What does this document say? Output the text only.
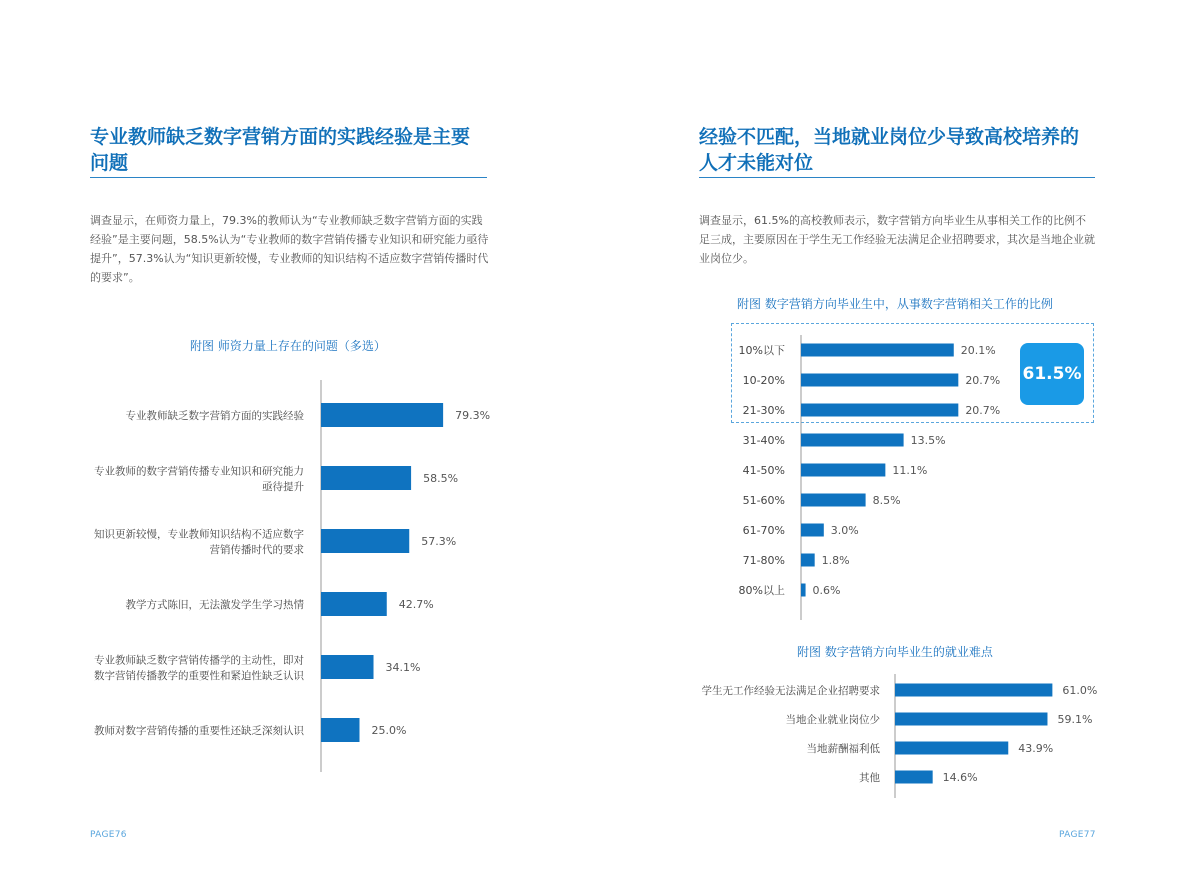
专业教师缺乏数字营销方面的实践经验是主要问题

调查显示，在师资力量上，79.3%的教师认为“专业教师缺乏数字营销方面的实践经验”是主要问题，58.5%认为“专业教师的数字营销传播专业知识和研究能力亟待提升”，57.3%认为“知识更新较慢，专业教师的知识结构不适应数字营销传播时代的要求”。

附图 师资力量上存在的问题（多选）

79.3%
专业教师缺乏数字营销方面的实践经验
58.5%
专业教师的数字营销传播专业知识和研究能力亟待提升
57.3%
知识更新较慢，专业教师知识结构不适应数字营销传播时代的要求
42.7%
教学方式陈旧，无法激发学生学习热情
34.1%
专业教师缺乏数字营销传播学的主动性，即对数字营销传播教学的重要性和紧迫性缺乏认识
25.0%
教师对数字营销传播的重要性还缺乏深刻认识
PAGE76
经验不匹配，当地就业岗位少导致高校培养的人才未能对位

调查显示，61.5%的高校教师表示，数字营销方向毕业生从事相关工作的比例不足三成，主要原因在于学生无工作经验无法满足企业招聘要求，其次是当地企业就业岗位少。

附图 数字营销方向毕业生中，从事数字营销相关工作的比例

61.5%
20.1%
10%以下
20.7%
10-20%
20.7%
21-30%
13.5%
31-40%
11.1%
41-50%
8.5%
51-60%
3.0%
61-70%
1.8%
71-80%
0.6%
80%以上

附图 数字营销方向毕业生的就业难点

61.0%
学生无工作经验无法满足企业招聘要求
59.1%
当地企业就业岗位少
43.9%
当地薪酬福利低
14.6%
其他
PAGE77
